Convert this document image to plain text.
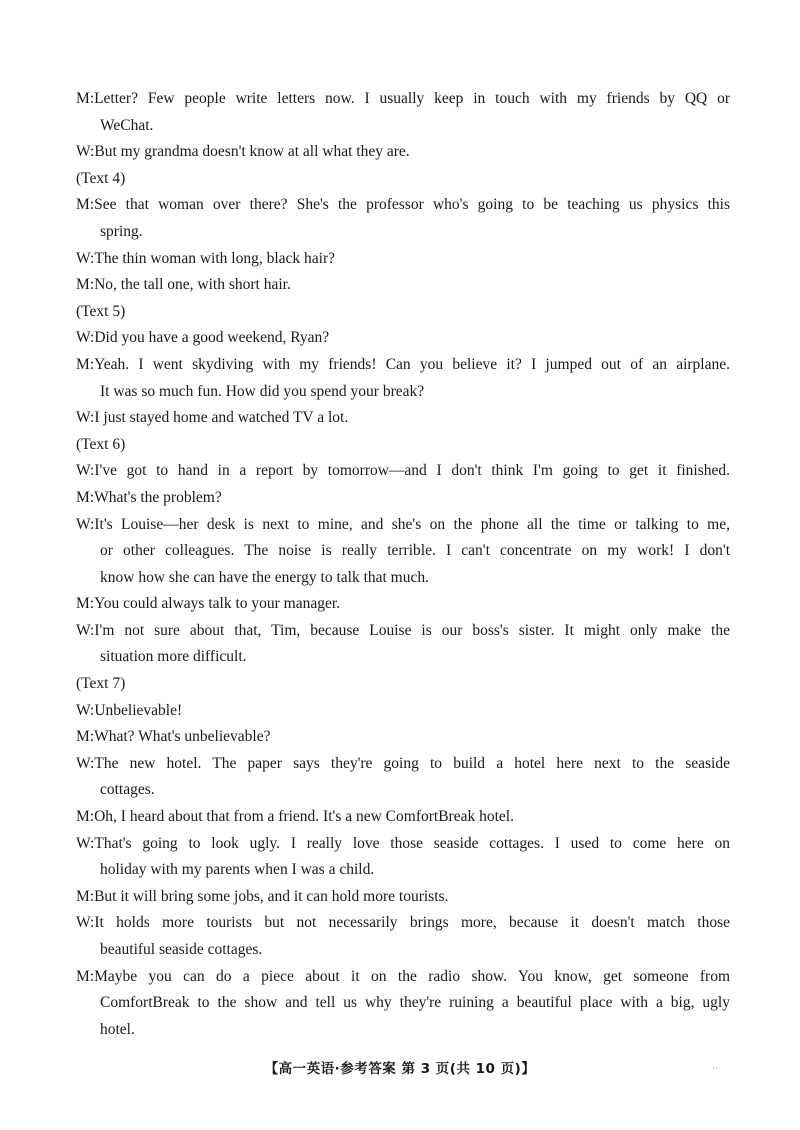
M:Letter? Few people write letters now. I usually keep in touch with my friends by QQ or
WeChat.
W:But my grandma doesn't know at all what they are.
(Text 4)
M:See that woman over there? She's the professor who's going to be teaching us physics this
spring.
W:The thin woman with long, black hair?
M:No, the tall one, with short hair.
(Text 5)
W:Did you have a good weekend, Ryan?
M:Yeah. I went skydiving with my friends! Can you believe it? I jumped out of an airplane.
It was so much fun. How did you spend your break?
W:I just stayed home and watched TV a lot.
(Text 6)
W:I've got to hand in a report by tomorrow—and I don't think I'm going to get it finished.
M:What's the problem?
W:It's Louise—her desk is next to mine, and she's on the phone all the time or talking to me,
or other colleagues. The noise is really terrible. I can't concentrate on my work! I don't
know how she can have the energy to talk that much.
M:You could always talk to your manager.
W:I'm not sure about that, Tim, because Louise is our boss's sister. It might only make the
situation more difficult.
(Text 7)
W:Unbelievable!
M:What? What's unbelievable?
W:The new hotel. The paper says they're going to build a hotel here next to the seaside
cottages.
M:Oh, I heard about that from a friend. It's a new ComfortBreak hotel.
W:That's going to look ugly. I really love those seaside cottages. I used to come here on
holiday with my parents when I was a child.
M:But it will bring some jobs, and it can hold more tourists.
W:It holds more tourists but not necessarily brings more, because it doesn't match those
beautiful seaside cottages.
M:Maybe you can do a piece about it on the radio show. You know, get someone from
ComfortBreak to the show and tell us why they're ruining a beautiful place with a big, ugly
hotel.
【高一英语·参考答案 第 3 页(共 10 页)】	··
